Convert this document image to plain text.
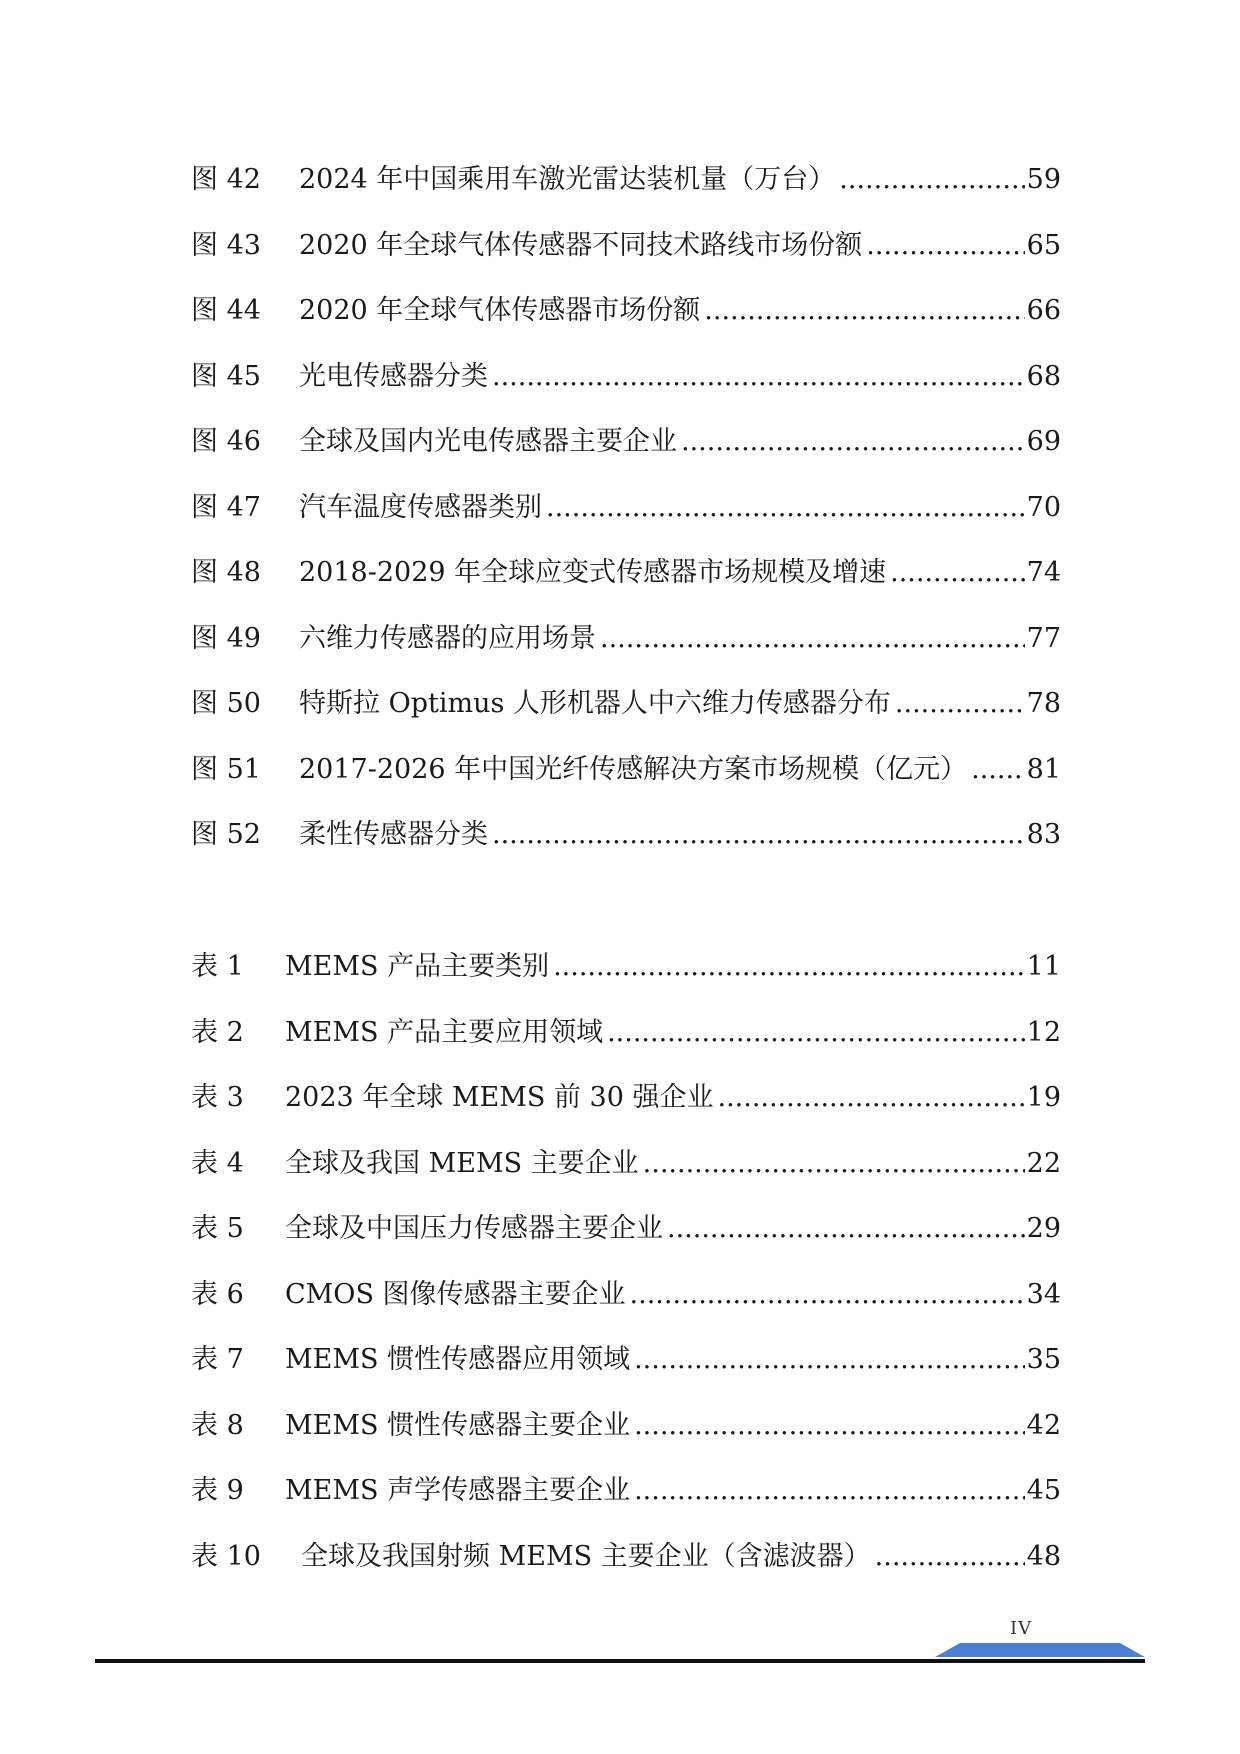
图 42	2024 年中国乘用车激光雷达装机量（万台） .....	59
图 43	2020 年全球气体传感器不同技术路线市场份额 .....	65
图 44	2020 年全球气体传感器市场份额 .....	66
图 45	光电传感器分类 .....	68
图 46	全球及国内光电传感器主要企业 .....	69
图 47	汽车温度传感器类别 .....	70
图 48	2018-2029 年全球应变式传感器市场规模及增速 .....	74
图 49	六维力传感器的应用场景 .....	77
图 50	特斯拉 Optimus 人形机器人中六维力传感器分布 .....	78
图 51	2017-2026 年中国光纤传感解决方案市场规模（亿元） ..... 81
图 52	柔性传感器分类 .....	83
表 1	MEMS 产品主要类别 .....	11
表 2	MEMS 产品主要应用领域 .....	12
表 3	2023 年全球 MEMS 前 30 强企业 .....	19
表 4	全球及我国 MEMS 主要企业 .....	22
表 5	全球及中国压力传感器主要企业 .....	29
表 6	CMOS 图像传感器主要企业 .....	34
表 7	MEMS 惯性传感器应用领域 .....	35
表 8	MEMS 惯性传感器主要企业 .....	42
表 9	MEMS 声学传感器主要企业 .....	45
表 10	全球及我国射频 MEMS 主要企业（含滤波器） .....	48
IV
